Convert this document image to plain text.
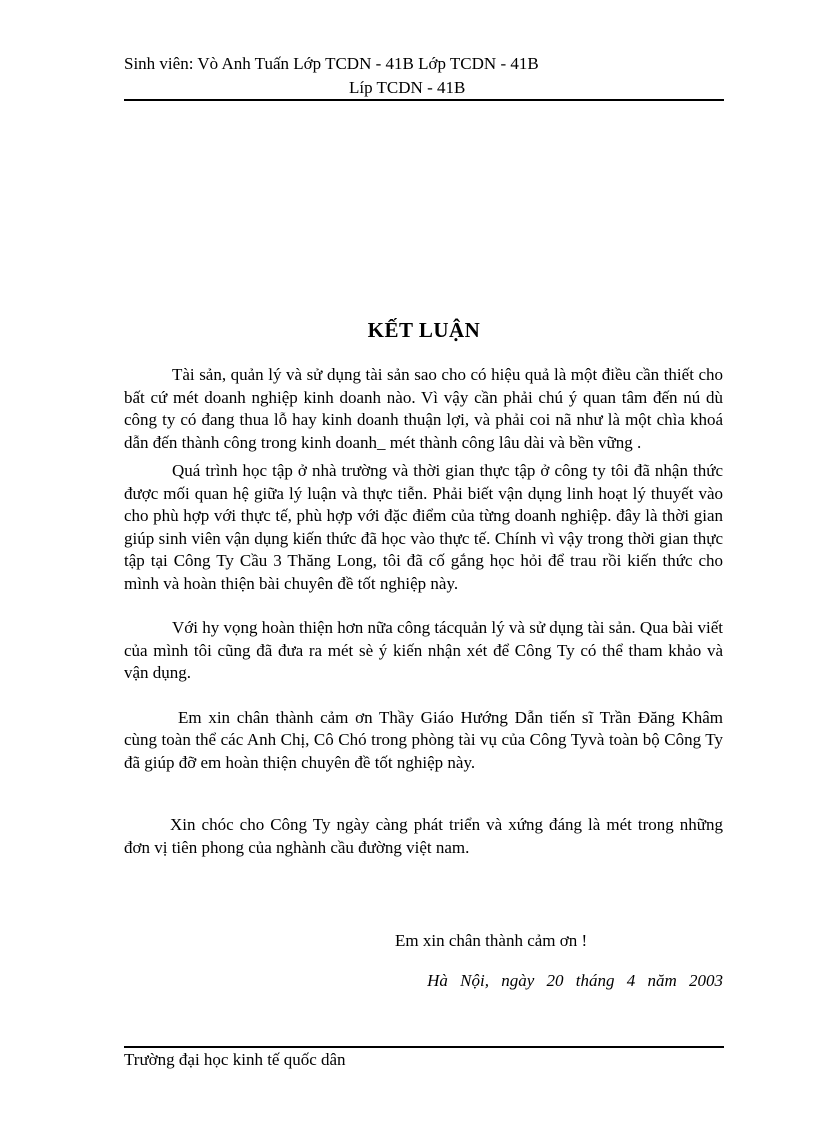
Sinh viên: Vò Anh Tuấn Lớp TCDN - 41B Lớp TCDN - 41B
Líp TCDN - 41B
KẾT LUẬN

Tài sản, quản lý và sử dụng tài sản sao cho có hiệu quả là một điều cần thiết cho bất cứ mét doanh nghiệp kinh doanh nào. Vì vậy cần phải chú ý quan tâm đến nú dù công ty có đang thua lỗ hay kinh doanh thuận lợi, và phải coi nã như là một chìa khoá dẫn đến thành công trong kinh doanh_ mét thành công lâu dài và bền vững .

Quá trình học tập ở nhà trường và thời gian thực tập ở công ty tôi đã nhận thức được mối quan hệ giữa lý luận và thực tiễn. Phải biết vận dụng linh hoạt lý thuyết vào cho phù hợp với thực tế, phù hợp với đặc điểm của từng doanh nghiệp. đây là thời gian giúp sinh viên vận dụng kiến thức đã học vào thực tế. Chính vì vậy trong thời gian thực tập tại Công Ty Cầu 3 Thăng Long, tôi đã cố gắng học hỏi để trau rồi kiến thức cho mình và hoàn thiện bài chuyên đề tốt nghiệp này.

Với hy vọng hoàn thiện hơn nữa công tácquản lý và sử dụng tài sản. Qua bài viết của mình tôi cũng đã đưa ra mét sè ý kiến nhận xét để Công Ty có thể tham khảo và vận dụng.

Em xin chân thành cảm ơn Thầy Giáo Hướng Dẫn tiến sĩ Trần Đăng Khâm cùng toàn thể các Anh Chị, Cô Chó trong phòng tài vụ của Công Tyvà toàn bộ Công Ty đã giúp đỡ em hoàn thiện chuyên đề tốt nghiệp này.

Xin chóc cho Công Ty ngày càng phát triển và xứng đáng là mét trong những đơn vị tiên phong của nghành cầu đường việt nam.

Em xin chân thành cảm ơn !
Hà Nội, ngày 20 tháng 4 năm 2003
Trường đại học kinh tế quốc dân
